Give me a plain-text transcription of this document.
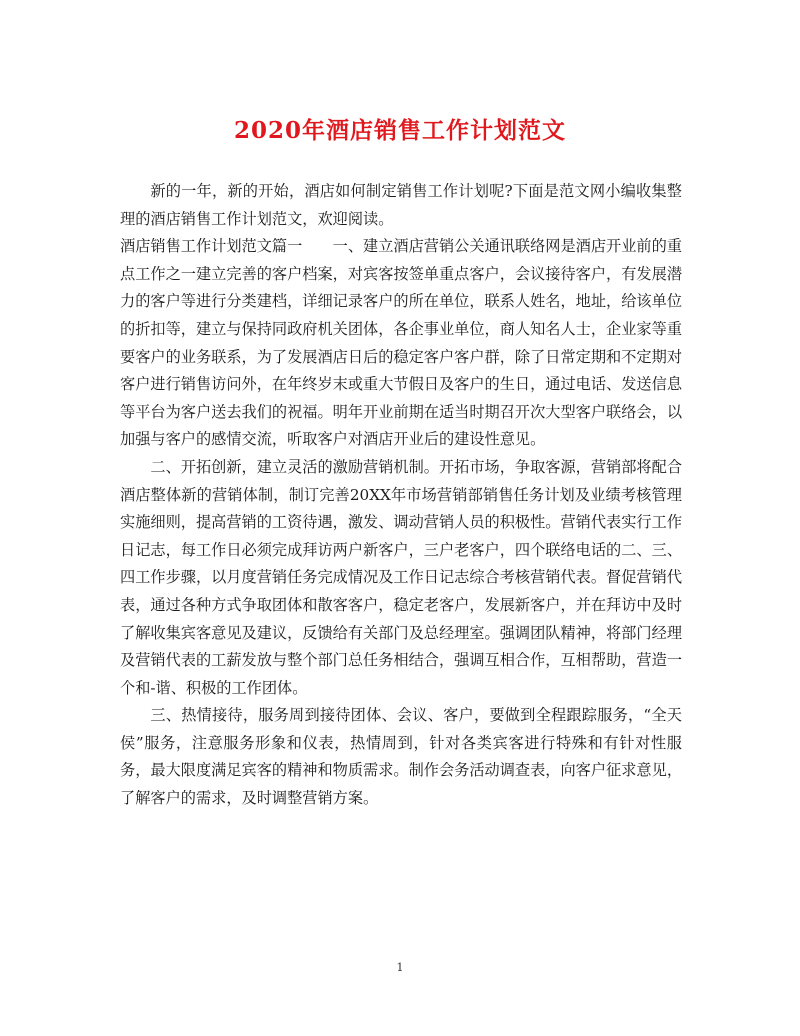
2020年酒店销售工作计划范文

新的一年，新的开始，酒店如何制定销售工作计划呢?下面是范文网小编收集整理的酒店销售工作计划范文，欢迎阅读。

酒店销售工作计划范文篇一　　一、建立酒店营销公关通讯联络网是酒店开业前的重点工作之一建立完善的客户档案，对宾客按签单重点客户，会议接待客户，有发展潜力的客户等进行分类建档，详细记录客户的所在单位，联系人姓名，地址，给该单位的折扣等，建立与保持同政府机关团体，各企事业单位，商人知名人士，企业家等重要客户的业务联系，为了发展酒店日后的稳定客户客户群，除了日常定期和不定期对客户进行销售访问外，在年终岁末或重大节假日及客户的生日，通过电话、发送信息等平台为客户送去我们的祝福。明年开业前期在适当时期召开次大型客户联络会，以加强与客户的感情交流，听取客户对酒店开业后的建设性意见。

二、开拓创新，建立灵活的激励营销机制。开拓市场，争取客源，营销部将配合酒店整体新的营销体制，制订完善20XX年市场营销部销售任务计划及业绩考核管理实施细则，提高营销的工资待遇，激发、调动营销人员的积极性。营销代表实行工作日记志，每工作日必须完成拜访两户新客户，三户老客户，四个联络电话的二、三、四工作步骤，以月度营销任务完成情况及工作日记志综合考核营销代表。督促营销代表，通过各种方式争取团体和散客客户，稳定老客户，发展新客户，并在拜访中及时了解收集宾客意见及建议，反馈给有关部门及总经理室。强调团队精神，将部门经理及营销代表的工薪发放与整个部门总任务相结合，强调互相合作，互相帮助，营造一个和-谐、积极的工作团体。

三、热情接待，服务周到接待团体、会议、客户，要做到全程跟踪服务，“全天侯”服务，注意服务形象和仪表，热情周到，针对各类宾客进行特殊和有针对性服务，最大限度满足宾客的精神和物质需求。制作会务活动调查表，向客户征求意见，了解客户的需求，及时调整营销方案。

1
